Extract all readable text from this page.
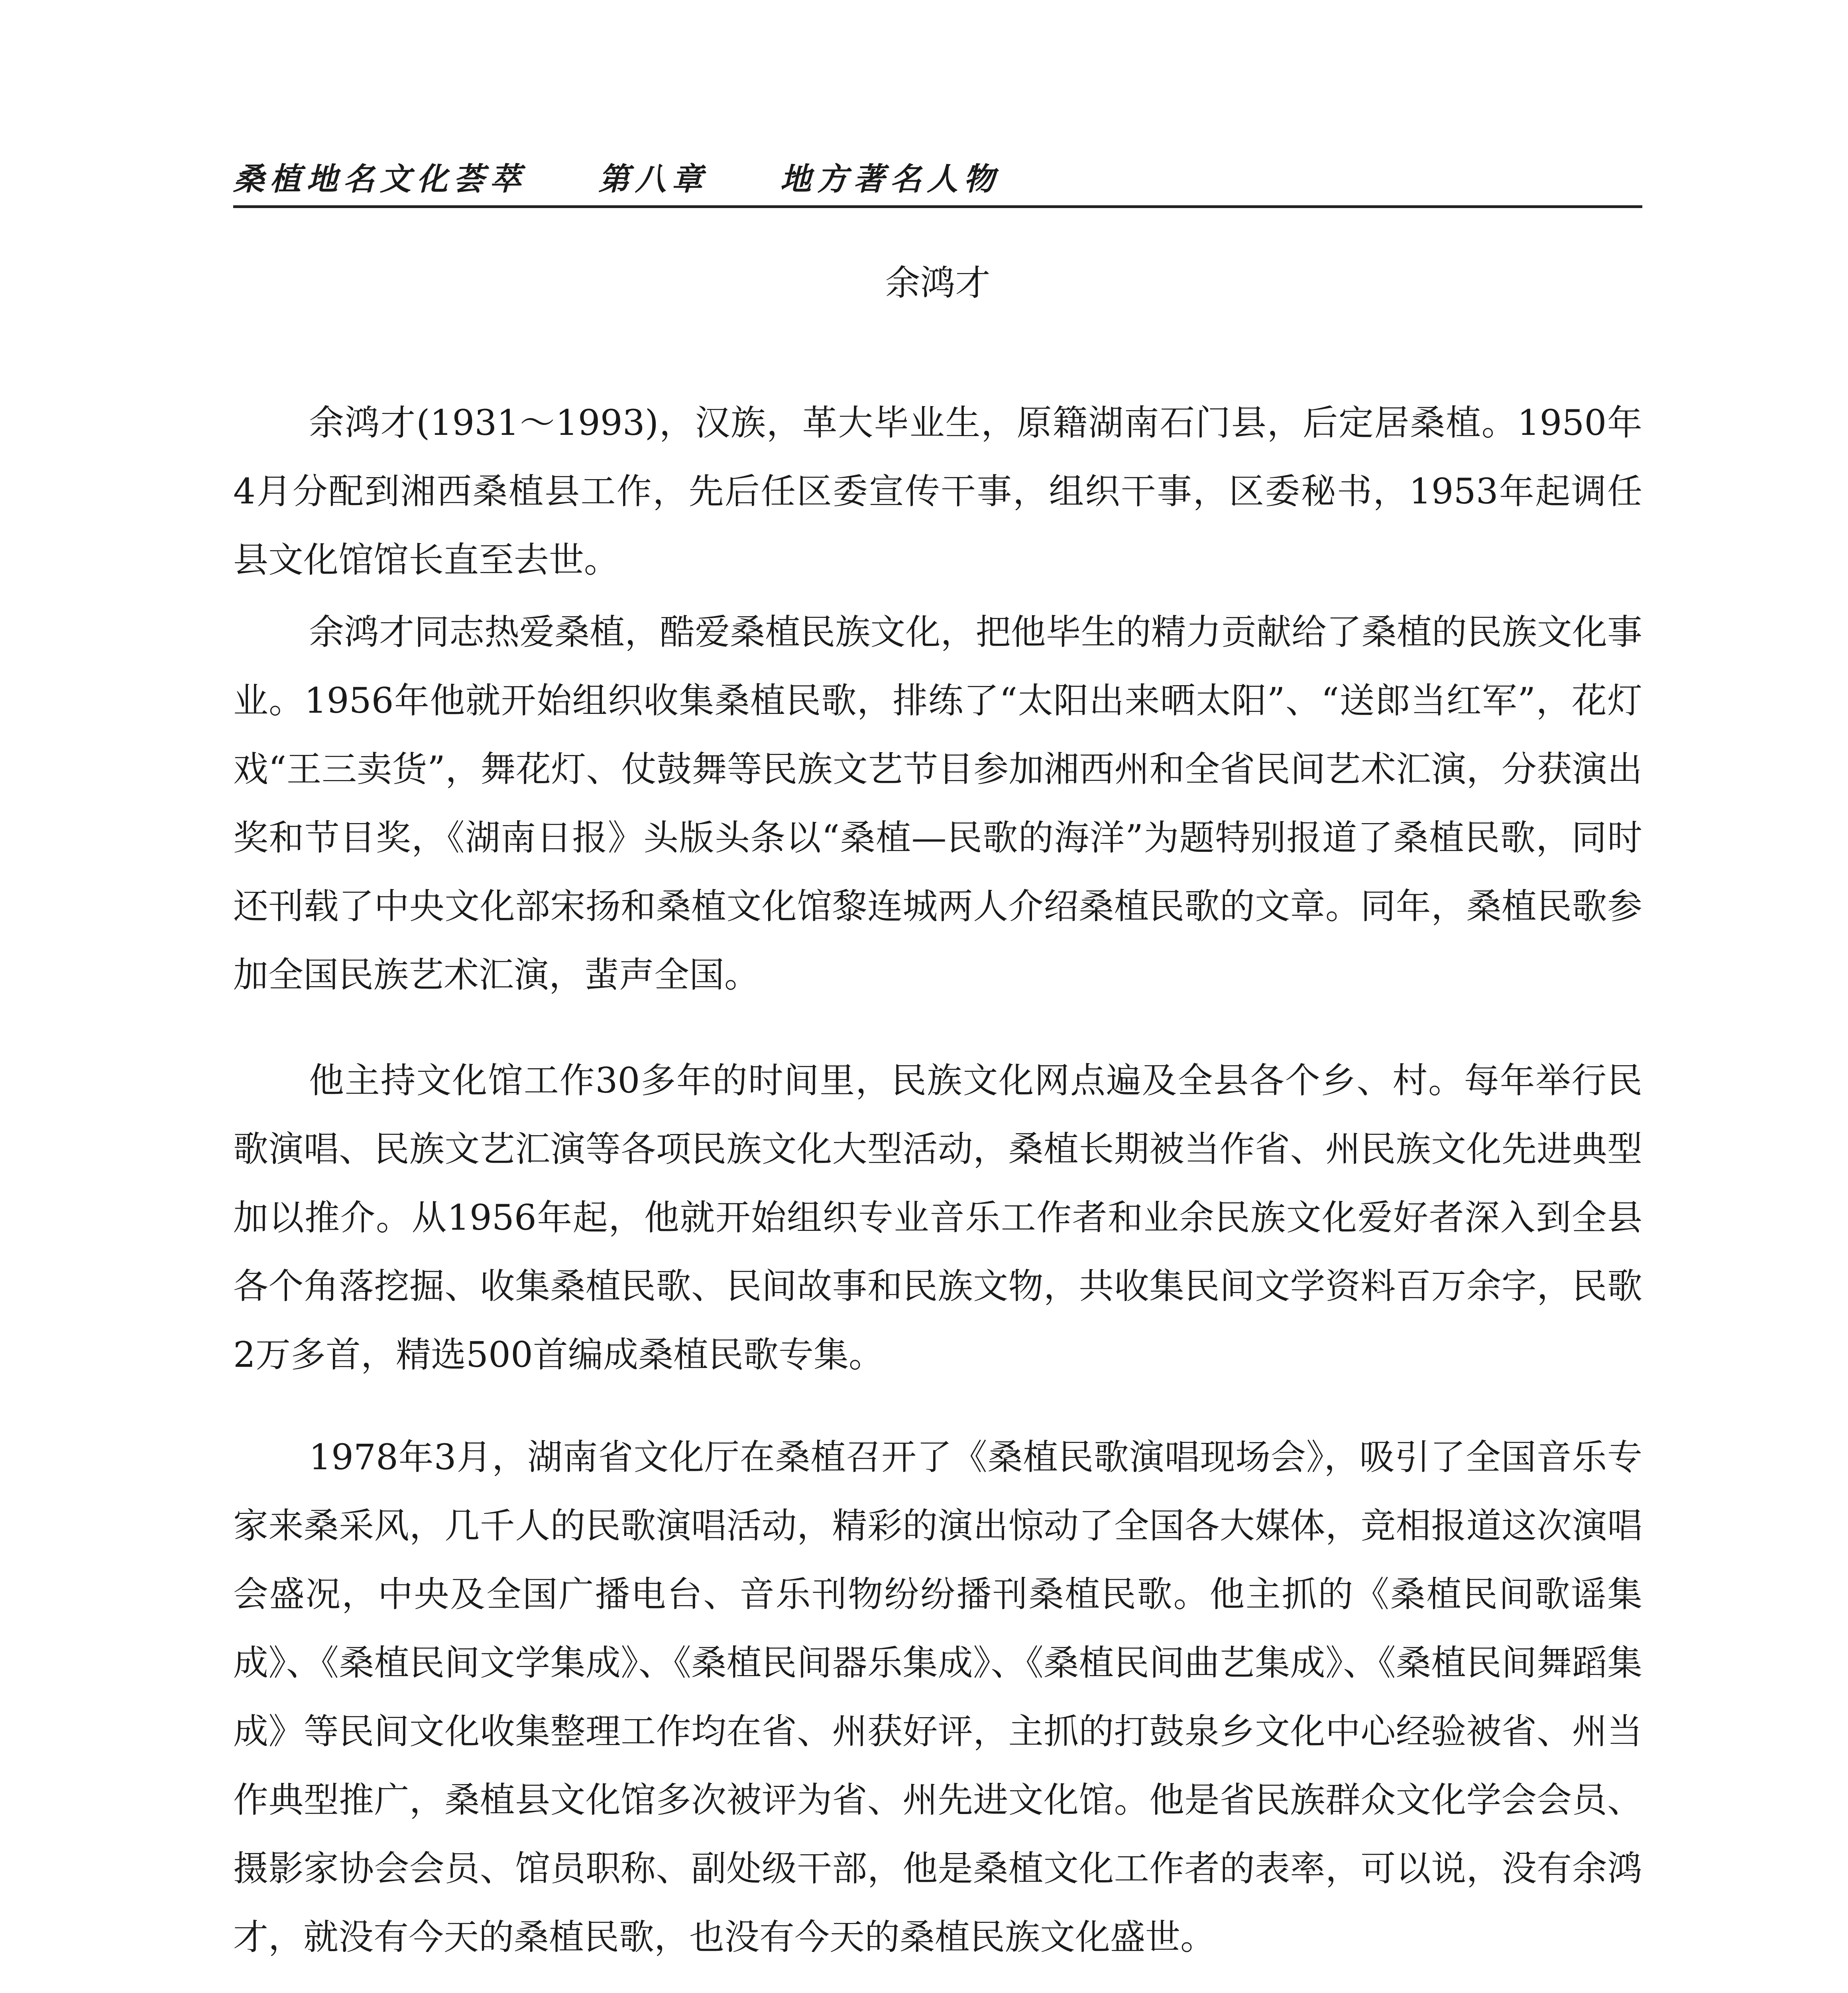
桑植地名文化荟萃 第八章 地方著名人物
余鸿才

余鸿才(1931～1993)，汉族，革大毕业生，原籍湖南石门县，后定居桑植。1950年4月分配到湘西桑植县工作，先后任区委宣传干事，组织干事，区委秘书，1953年起调任县文化馆馆长直至去世。

余鸿才同志热爱桑植，酷爱桑植民族文化，把他毕生的精力贡献给了桑植的民族文化事业。1956年他就开始组织收集桑植民歌，排练了“太阳出来晒太阳”、“送郎当红军”，花灯戏“王三卖货”，舞花灯、仗鼓舞等民族文艺节目参加湘西州和全省民间艺术汇演，分获演出奖和节目奖，《湖南日报》头版头条以“桑植—民歌的海洋”为题特别报道了桑植民歌，同时还刊载了中央文化部宋扬和桑植文化馆黎连城两人介绍桑植民歌的文章。同年，桑植民歌参加全国民族艺术汇演，蜚声全国。

他主持文化馆工作30多年的时间里，民族文化网点遍及全县各个乡、村。每年举行民歌演唱、民族文艺汇演等各项民族文化大型活动，桑植长期被当作省、州民族文化先进典型加以推介。从1956年起，他就开始组织专业音乐工作者和业余民族文化爱好者深入到全县各个角落挖掘、收集桑植民歌、民间故事和民族文物，共收集民间文学资料百万余字，民歌2万多首，精选500首编成桑植民歌专集。

1978年3月，湖南省文化厅在桑植召开了《桑植民歌演唱现场会》，吸引了全国音乐专家来桑采风，几千人的民歌演唱活动，精彩的演出惊动了全国各大媒体，竞相报道这次演唱会盛况，中央及全国广播电台、音乐刊物纷纷播刊桑植民歌。他主抓的《桑植民间歌谣集成》、《桑植民间文学集成》、《桑植民间器乐集成》、《桑植民间曲艺集成》、《桑植民间舞蹈集成》等民间文化收集整理工作均在省、州获好评，主抓的打鼓泉乡文化中心经验被省、州当作典型推广，桑植县文化馆多次被评为省、州先进文化馆。他是省民族群众文化学会会员、摄影家协会会员、馆员职称、副处级干部，他是桑植文化工作者的表率，可以说，没有余鸿才，就没有今天的桑植民歌，也没有今天的桑植民族文化盛世。
